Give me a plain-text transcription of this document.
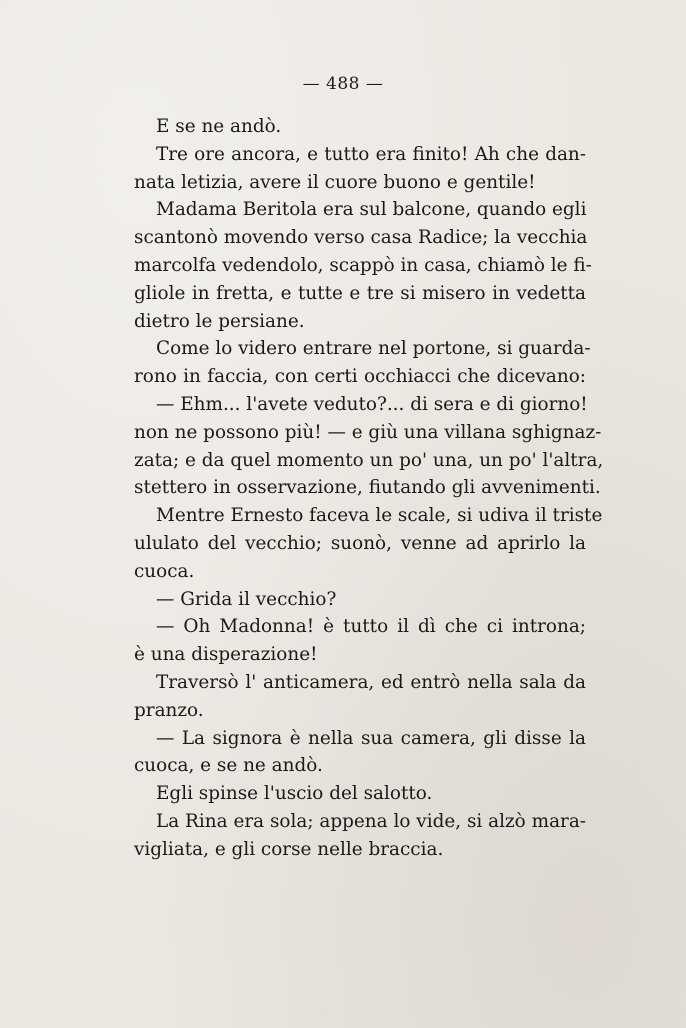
— 488 —
E se ne andò.
Tre ore ancora, e tutto era finito! Ah che dan-
nata letizia, avere il cuore buono e gentile!
Madama Beritola era sul balcone, quando egli
scantonò movendo verso casa Radice; la vecchia
marcolfa vedendolo, scappò in casa, chiamò le fi-
gliole in fretta, e tutte e tre si misero in vedetta
dietro le persiane.
Come lo videro entrare nel portone, si guarda-
rono in faccia, con certi occhiacci che dicevano:
— Ehm... l'avete veduto?... di sera e di giorno!
non ne possono più! — e giù una villana sghignaz-
zata; e da quel momento un po' una, un po' l'altra,
stettero in osservazione, fiutando gli avvenimenti.
Mentre Ernesto faceva le scale, si udiva il triste
ululato del vecchio; suonò, venne ad aprirlo la
cuoca.
— Grida il vecchio?
— Oh Madonna! è tutto il dì che ci introna;
è una disperazione!
Traversò l' anticamera, ed entrò nella sala da
pranzo.
— La signora è nella sua camera, gli disse la
cuoca, e se ne andò.
Egli spinse l'uscio del salotto.
La Rina era sola; appena lo vide, si alzò mara-
vigliata, e gli corse nelle braccia.
